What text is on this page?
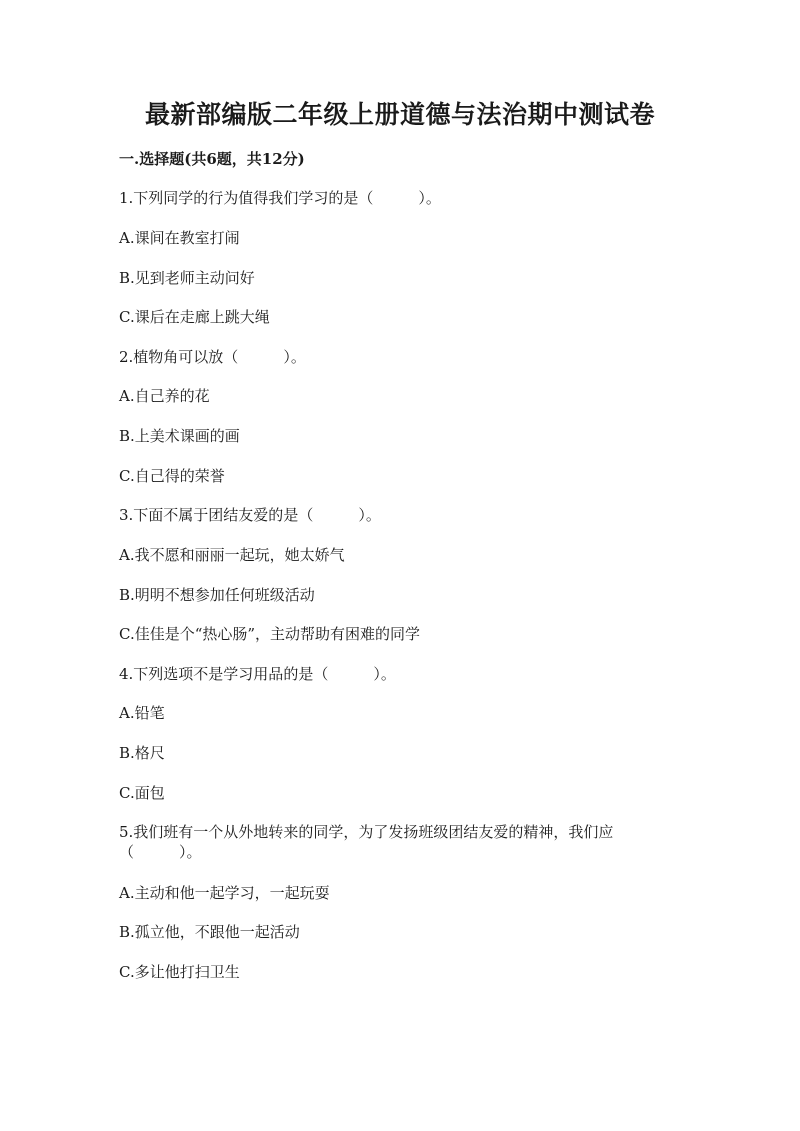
最新部编版二年级上册道德与法治期中测试卷

一.选择题(共6题，共12分)

1.下列同学的行为值得我们学习的是（　　　）。

A.课间在教室打闹

B.见到老师主动问好

C.课后在走廊上跳大绳

2.植物角可以放（　　　）。

A.自己养的花

B.上美术课画的画

C.自己得的荣誉

3.下面不属于团结友爱的是（　　　）。

A.我不愿和丽丽一起玩，她太娇气

B.明明不想参加任何班级活动

C.佳佳是个“热心肠”，主动帮助有困难的同学

4.下列选项不是学习用品的是（　　　）。

A.铅笔

B.格尺

C.面包

5.我们班有一个从外地转来的同学，为了发扬班级团结友爱的精神，我们应（　　　）。

A.主动和他一起学习，一起玩耍

B.孤立他，不跟他一起活动

C.多让他打扫卫生
